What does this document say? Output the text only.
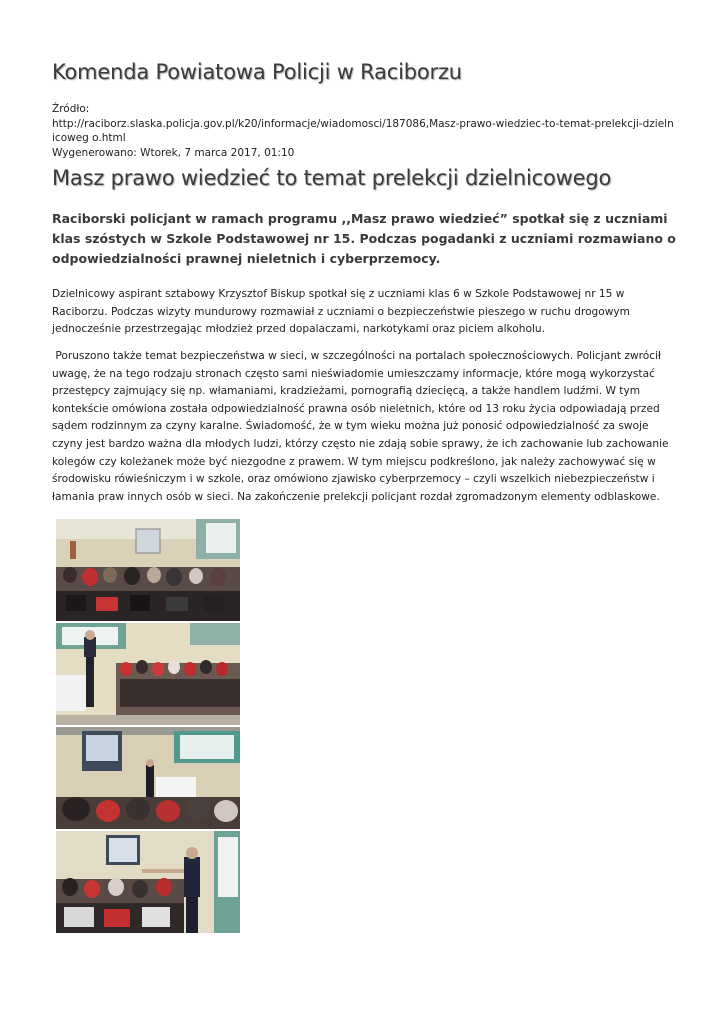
Komenda Powiatowa Policji w Raciborzu
Źródło:
http://raciborz.slaska.policja.gov.pl/k20/informacje/wiadomosci/187086,Masz-prawo-wiedziec-to-temat-prelekcji-dzielnicoweg o.html
Wygenerowano: Wtorek, 7 marca 2017, 01:10
Masz prawo wiedzieć to temat prelekcji dzielnicowego

Raciborski policjant w ramach programu ,,Masz prawo wiedzieć” spotkał się z uczniami klas szóstych w Szkole Podstawowej nr 15. Podczas pogadanki z uczniami rozmawiano o odpowiedzialności prawnej nieletnich i cyberprzemocy.

Dzielnicowy aspirant sztabowy Krzysztof Biskup spotkał się z uczniami klas 6 w Szkole Podstawowej nr 15 w Raciborzu. Podczas wizyty mundurowy rozmawiał z uczniami o bezpieczeństwie pieszego w ruchu drogowym jednocześnie przestrzegając młodzież przed dopalaczami, narkotykami oraz piciem alkoholu.

Poruszono także temat bezpieczeństwa w sieci, w szczególności na portalach społecznościowych. Policjant zwrócił uwagę, że na tego rodzaju stronach często sami nieświadomie umieszczamy informacje, które mogą wykorzystać przestępcy zajmujący się np. włamaniami, kradzieżami, pornografią dziecięcą, a także handlem ludźmi. W tym kontekście omówiona została odpowiedzialność prawna osób nieletnich, które od 13 roku życia odpowiadają przed sądem rodzinnym za czyny karalne. Świadomość, że w tym wieku można już ponosić odpowiedzialność za swoje czyny jest bardzo ważna dla młodych ludzi, którzy często nie zdają sobie sprawy, że ich zachowanie lub zachowanie kolegów czy koleżanek może być niezgodne z prawem. W tym miejscu podkreślono, jak należy zachowywać się w środowisku rówieśniczym i w szkole, oraz omówiono zjawisko cyberprzemocy – czyli wszelkich niebezpieczeństw i łamania praw innych osób w sieci. Na zakończenie prelekcji policjant rozdał zgromadzonym elementy odblaskowe.
